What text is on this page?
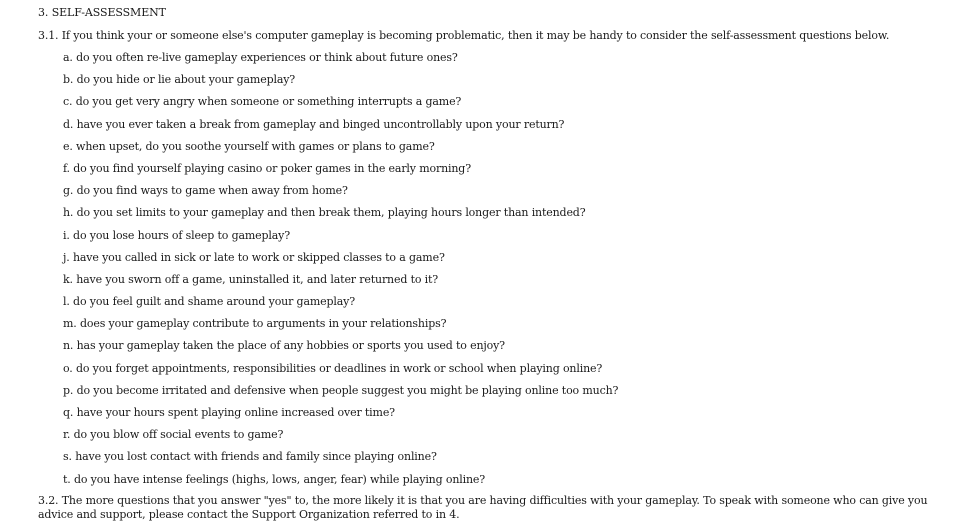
3. SELF-ASSESSMENT
3.1. If you think your or someone else's computer gameplay is becoming problematic, then it may be handy to consider the self-assessment questions below.
a. do you often re-live gameplay experiences or think about future ones?
b. do you hide or lie about your gameplay?
c. do you get very angry when someone or something interrupts a game?
d. have you ever taken a break from gameplay and binged uncontrollably upon your return?
e. when upset, do you soothe yourself with games or plans to game?
f. do you find yourself playing casino or poker games in the early morning?
g. do you find ways to game when away from home?
h. do you set limits to your gameplay and then break them, playing hours longer than intended?
i. do you lose hours of sleep to gameplay?
j. have you called in sick or late to work or skipped classes to a game?
k. have you sworn off a game, uninstalled it, and later returned to it?
l. do you feel guilt and shame around your gameplay?
m. does your gameplay contribute to arguments in your relationships?
n. has your gameplay taken the place of any hobbies or sports you used to enjoy?
o. do you forget appointments, responsibilities or deadlines in work or school when playing online?
p. do you become irritated and defensive when people suggest you might be playing online too much?
q. have your hours spent playing online increased over time?
r. do you blow off social events to game?
s. have you lost contact with friends and family since playing online?
t. do you have intense feelings (highs, lows, anger, fear) while playing online?
3.2. The more questions that you answer "yes" to, the more likely it is that you are having difficulties with your gameplay. To speak with someone who can give you advice and support, please contact the Support Organization referred to in 4.
